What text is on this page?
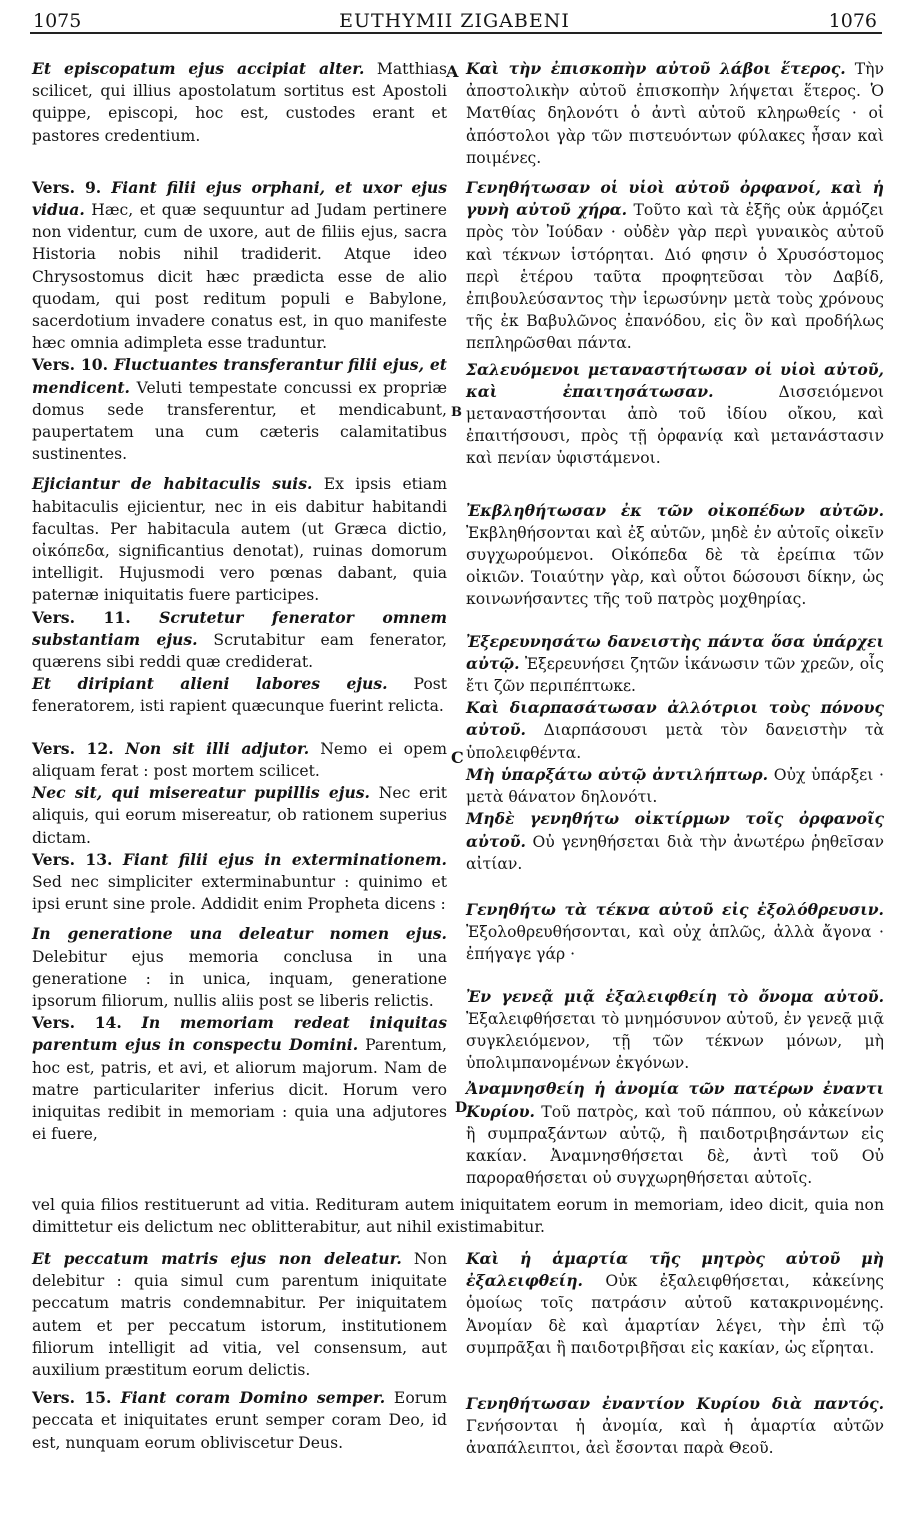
1075	EUTHYMII ZIGABENI	1076
A
B
C
D

Et episcopatum ejus accipiat alter. Matthias scilicet, qui illius apostolatum sortitus est Apostoli quippe, episcopi, hoc est, custodes erant et pastores credentium.

Vers. 9. Fiant filii ejus orphani, et uxor ejus vidua. Hæc, et quæ sequuntur ad Judam pertinere non videntur, cum de uxore, aut de filiis ejus, sacra Historia nobis nihil tradiderit. Atque ideo Chrysostomus dicit hæc prædicta esse de alio quodam, qui post reditum populi e Babylone, sacerdotium invadere conatus est, in quo manifeste hæc omnia adimpleta esse traduntur.

Vers. 10. Fluctuantes transferantur filii ejus, et mendicent. Veluti tempestate concussi ex propriæ domus sede transferentur, et mendicabunt, paupertatem una cum cæteris calamitatibus sustinentes.

Ejiciantur de habitaculis suis. Ex ipsis etiam habitaculis ejicientur, nec in eis dabitur habitandi facultas. Per habitacula autem (ut Græca dictio, οἰκόπεδα, significantius denotat), ruinas domorum intelligit. Hujusmodi vero pœnas dabant, quia paternæ iniquitatis fuere participes.

Vers. 11. Scrutetur fenerator omnem substantiam ejus. Scrutabitur eam fenerator, quærens sibi reddi quæ crediderat.

Et diripiant alieni labores ejus. Post feneratorem, isti rapient quæcunque fuerint relicta.

Vers. 12. Non sit illi adjutor. Nemo ei opem aliquam ferat : post mortem scilicet.

Nec sit, qui misereatur pupillis ejus. Nec erit aliquis, qui eorum misereatur, ob rationem superius dictam.

Vers. 13. Fiant filii ejus in exterminationem. Sed nec simpliciter exterminabuntur : quinimo et ipsi erunt sine prole. Addidit enim Propheta dicens :

In generatione una deleatur nomen ejus. Delebitur ejus memoria conclusa in una generatione : in unica, inquam, generatione ipsorum filiorum, nullis aliis post se liberis relictis.

Vers. 14. In memoriam redeat iniquitas parentum ejus in conspectu Domini. Parentum, hoc est, patris, et avi, et aliorum majorum. Nam de matre particulariter inferius dicit. Horum vero iniquitas redibit in memoriam : quia una adjutores ei fuere,

Καὶ τὴν ἐπισκοπὴν αὐτοῦ λάβοι ἕτερος. Τὴν ἀποστολικὴν αὐτοῦ ἐπισκοπὴν λήψεται ἕτερος. Ὁ Ματθίας δηλονότι ὁ ἀντὶ αὐτοῦ κληρωθείς · οἱ ἀπόστολοι γὰρ τῶν πιστευόντων φύλακες ἦσαν καὶ ποιμένες.

Γενηθήτωσαν οἱ υἱοὶ αὐτοῦ ὀρφανοί, καὶ ἡ γυνὴ αὐτοῦ χήρα. Τοῦτο καὶ τὰ ἑξῆς οὐκ ἁρμόζει πρὸς τὸν Ἰούδαν · οὐδὲν γὰρ περὶ γυναικὸς αὐτοῦ καὶ τέκνων ἱστόρηται. Διό φησιν ὁ Χρυσόστομος περὶ ἑτέρου ταῦτα προφητεῦσαι τὸν Δαβίδ, ἐπιβουλεύσαντος τὴν ἱερωσύνην μετὰ τοὺς χρόνους τῆς ἐκ Βαβυλῶνος ἐπανόδου, εἰς ὃν καὶ προδήλως πεπληρῶσθαι πάντα.

Σαλευόμενοι μεταναστήτωσαν οἱ υἱοὶ αὐτοῦ, καὶ ἐπαιτησάτωσαν. Δισσειόμενοι μεταναστήσονται ἀπὸ τοῦ ἰδίου οἴκου, καὶ ἐπαιτήσουσι, πρὸς τῇ ὀρφανίᾳ καὶ μετανάστασιν καὶ πενίαν ὑφιστάμενοι.

Ἐκβληθήτωσαν ἐκ τῶν οἰκοπέδων αὐτῶν. Ἐκβληθήσονται καὶ ἐξ αὐτῶν, μηδὲ ἐν αὐτοῖς οἰκεῖν συγχωρούμενοι. Οἰκόπεδα δὲ τὰ ἐρείπια τῶν οἰκιῶν. Τοιαύτην γὰρ, καὶ οὗτοι δώσουσι δίκην, ὡς κοινωνήσαντες τῆς τοῦ πατρὸς μοχθηρίας.

Ἐξερευνησάτω δανειστὴς πάντα ὅσα ὑπάρχει αὐτῷ. Ἐξερευνήσει ζητῶν ἱκάνωσιν τῶν χρεῶν, οἷς ἔτι ζῶν περιπέπτωκε.

Καὶ διαρπασάτωσαν ἀλλότριοι τοὺς πόνους αὐτοῦ. Διαρπάσουσι μετὰ τὸν δανειστὴν τὰ ὑπολειφθέντα.

Μὴ ὑπαρξάτω αὐτῷ ἀντιλήπτωρ. Οὐχ ὑπάρξει · μετὰ θάνατον δηλονότι.

Μηδὲ γενηθήτω οἰκτίρμων τοῖς ὀρφανοῖς αὐτοῦ. Οὐ γενηθήσεται διὰ τὴν ἀνωτέρω ῥηθεῖσαν αἰτίαν.

Γενηθήτω τὰ τέκνα αὐτοῦ εἰς ἐξολόθρευσιν. Ἐξολοθρευθήσονται, καὶ οὐχ ἁπλῶς, ἀλλὰ ἄγονα · ἐπήγαγε γάρ ·

Ἐν γενεᾷ μιᾷ ἐξαλειφθείη τὸ ὄνομα αὐτοῦ. Ἐξαλειφθήσεται τὸ μνημόσυνον αὐτοῦ, ἐν γενεᾷ μιᾷ συγκλειόμενον, τῇ τῶν τέκνων μόνων, μὴ ὑπολιμπανομένων ἐκγόνων.

Ἀναμνησθείη ἡ ἀνομία τῶν πατέρων ἐναντι Κυρίου. Τοῦ πατρὸς, καὶ τοῦ πάππου, οὐ κἀκείνων ἢ συμπραξάντων αὐτῷ, ἢ παιδοτριβησάντων εἰς κακίαν. Ἀναμνησθήσεται δὲ, ἀντὶ τοῦ Οὐ παροραθήσεται οὐ συγχωρηθήσεται αὐτοῖς.

vel quia filios restituerunt ad vitia. Redituram autem iniquitatem eorum in memoriam, ideo dicit, quia non dimittetur eis delictum nec oblitterabitur, aut nihil existimabitur.

Et peccatum matris ejus non deleatur. Non delebitur : quia simul cum parentum iniquitate peccatum matris condemnabitur. Per iniquitatem autem et per peccatum istorum, institutionem filiorum intelligit ad vitia, vel consensum, aut auxilium præstitum eorum delictis.

Vers. 15. Fiant coram Domino semper. Eorum peccata et iniquitates erunt semper coram Deo, id est, nunquam eorum obliviscetur Deus.

Καὶ ἡ ἁμαρτία τῆς μητρὸς αὐτοῦ μὴ ἐξαλειφθείη. Οὐκ ἐξαλειφθήσεται, κἀκείνης ὁμοίως τοῖς πατράσιν αὐτοῦ κατακρινομένης. Ἀνομίαν δὲ καὶ ἁμαρτίαν λέγει, τὴν ἐπὶ τῷ συμπρᾶξαι ἢ παιδοτριβῆσαι εἰς κακίαν, ὡς εἴρηται.

Γενηθήτωσαν ἐναντίον Κυρίου διὰ παντός. Γενήσονται ἡ ἀνομία, καὶ ἡ ἁμαρτία αὐτῶν ἀναπάλειπτοι, ἀεὶ ἔσονται παρὰ Θεοῦ.
